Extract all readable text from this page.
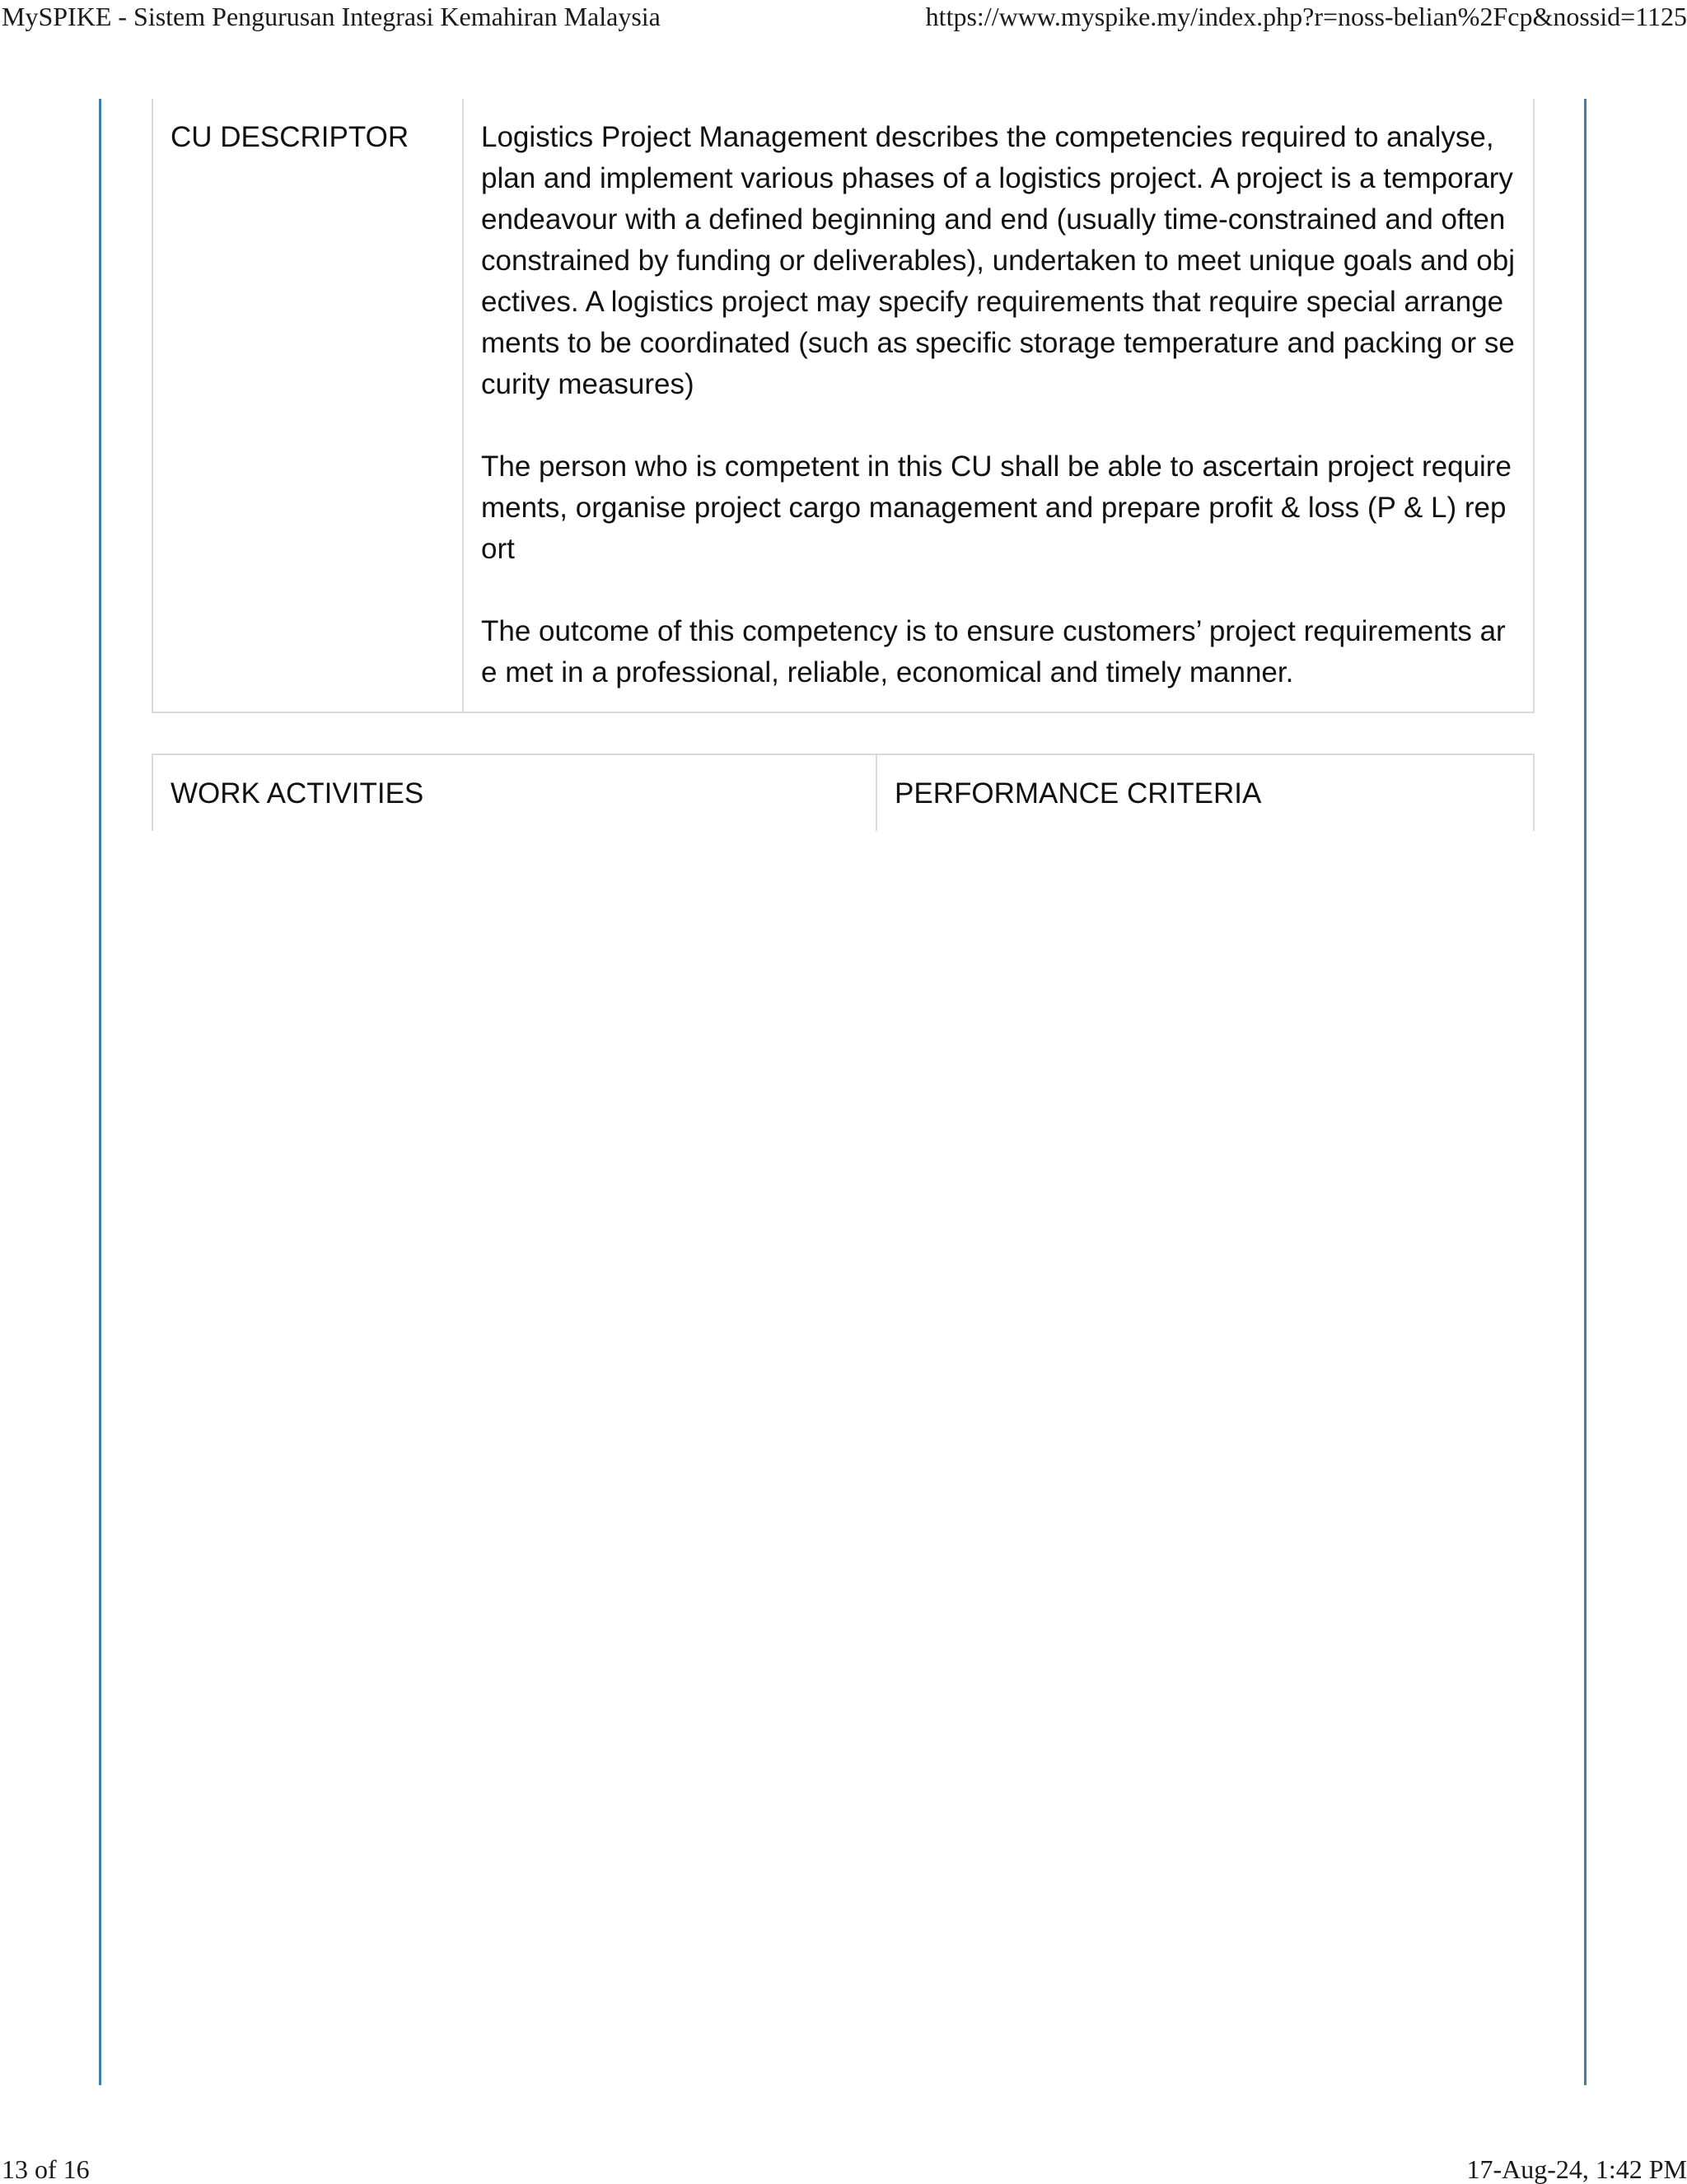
MySPIKE - Sistem Pengurusan Integrasi Kemahiran Malaysia	https://www.myspike.my/index.php?r=noss-belian%2Fcp&nossid=1125
CU DESCRIPTOR	Logistics Project Management describes the competencies required to analyse, plan and implement various phases of a logistics project. A project is a temporary endeavour with a defined beginning and end (usually time-constrained and often constrained by funding or deliverables), undertaken to meet unique goals and objectives. A logistics project may specify requirements that require special arrangements to be coordinated (such as specific storage temperature and packing or security measures)

The person who is competent in this CU shall be able to ascertain project requirements, organise project cargo management and prepare profit & loss (P & L) report

The outcome of this competency is to ensure customers’ project requirements are met in a professional, reliable, economical and timely manner.

WORK ACTIVITIES	PERFORMANCE CRITERIA
13 of 16	17-Aug-24, 1:42 PM
